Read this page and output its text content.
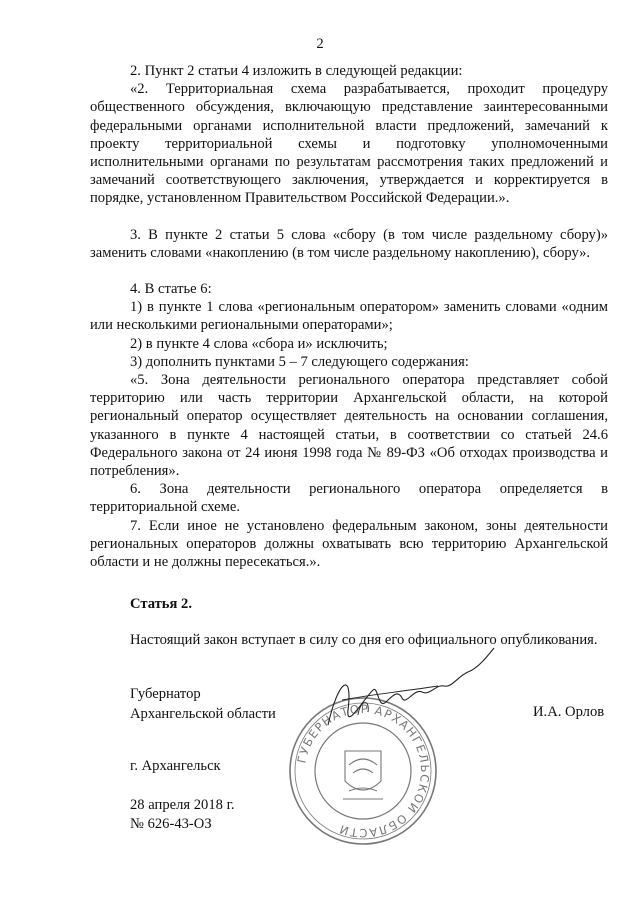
2

2. Пункт 2 статьи 4 изложить в следующей редакции:

«2. Территориальная схема разрабатывается, проходит процедуру общественного обсуждения, включающую представление заинтересованными федеральными органами исполнительной власти предложений, замечаний к проекту территориальной схемы и подготовку уполномоченными исполнительными органами по результатам рассмотрения таких предложений и замечаний соответствующего заключения, утверждается и корректируется в порядке, установленном Правительством Российской Федерации.».

3. В пункте 2 статьи 5 слова «сбору (в том числе раздельному сбору)» заменить словами «накоплению (в том числе раздельному накоплению), сбору».

4. В статье 6:

1) в пункте 1 слова «региональным оператором» заменить словами «одним или несколькими региональными операторами»;

2) в пункте 4 слова «сбора и» исключить;

3) дополнить пунктами 5 – 7 следующего содержания:

«5. Зона деятельности регионального оператора представляет собой территорию или часть территории Архангельской области, на которой региональный оператор осуществляет деятельность на основании соглашения, указанного в пункте 4 настоящей статьи, в соответствии со статьей 24.6 Федерального закона от 24 июня 1998 года № 89-ФЗ «Об отходах производства и потребления».

6. Зона деятельности регионального оператора определяется в территориальной схеме.

7. Если иное не установлено федеральным законом, зоны деятельности региональных операторов должны охватывать всю территорию Архангельской области и не должны пересекаться.».

Статья 2.

Настоящий закон вступает в силу со дня его официального опубликования.

ГУБЕРНАТОР АРХАНГЕЛЬСКОЙ ОБЛАСТИ
Губернатор
Архангельской области	И.А. Орлов
г. Архангельск
28 апреля 2018 г.
№ 626-43-ОЗ
